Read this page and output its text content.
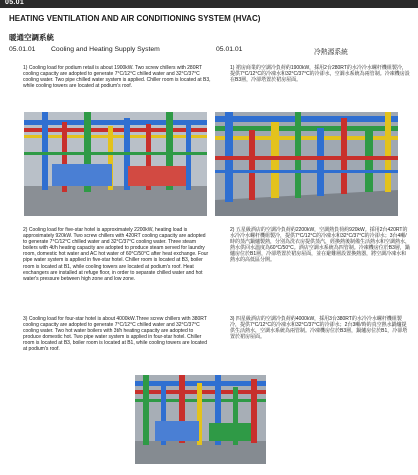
05.01
HEATING VENTILATION AND AIR CONDITIONING SYSTEM (HVAC)
暖通空調系統
05.01.01 Cooling and Heating Supply System	05.01.01	冷熱源系統

1) Cooling load for podium retail is about 1900kW. Two screw chillers with 280RT cooling capacity are adopted to generate 7°C/12°C chilled water and 32°C/37°C cooling water. Two pipe chilled water system is applied. Chiller room is located at B3, while cooling towers are located at podium's roof.

1) 裙房商業的空調冷負荷約1900kW，採用2台280RT的水冷冷水螺杆機組製冷，提供7°C/12°C的冷凍水和32°C/37°C的冷卻水，空調水系統為兩管制。冷凍機房設在B3層，冷卻塔置於裙房屋面。

2) Cooling load for five-star hotel is approximately 2200kW, heating load is approximately 920kW. Two screw chillers with 420RT cooling capacity are adopted to generate 7°C/12°C chilled water and 32°C/37°C cooling water. Three steam boilers with 4t/h heating capacity are adopted to produce steam served for laundry room, domestic hot water and AC hot water of 60°C/50°C after heat exchange. Four pipe water system is applied in five-star hotel. Chiller room is located at B3, boiler room is located at B1, while cooling towers are located at podium's roof. Heat exchangers are installed at refuge floor, in order to separate chilled water and hot water's pressure between high zone and low zone.

2) 五星級酒店的空調冷負荷約2200kW，空調熱負荷約920kW。採用2台420RT的水冷冷水螺杆機組製冷，提供7°C/12°C的冷凍水和32°C/37°C的冷卻水；3台4噸/時的蒸汽鍋爐製熱，分別為洗衣房提供蒸汽，經換熱後制備生活熱水和空調熱水，熱水供回水溫度為60°C/50°C。酒店空調水系統為四管制。冷凍機房位於B3層，鍋爐房位於B1層，冷卻塔置於裙房屋面，並在避難層設置換熱器，將空調冷凍水和熱水的高低區分開。

3) Cooling load for four-star hotel is about 4000kW.Three screw chillers with 380RT cooling capacity are adopted to generate 7°C/12°C chilled water and 32°C/37°C cooling water. Two hot water boilers with 3t/h heating capacity are adopted to produce domestic hot. Two pipe water system is applied in four-star hotel. Chiller room is located at B3, boiler room is located at B1, while cooling towers are located at podium's roof.

3) 四星級酒店的空調冷負荷約4000kW，採用3台380RT的水冷冷水螺杆機組製冷，提供7°C/12°C的冷凍水和32°C/37°C的冷卻水；2台3噸/時的真空熱水鍋爐提供生活熱水，空調水系統為兩管制。冷凍機房位於B3層，鍋爐房位於B1，冷卻塔置於裙房屋面。
